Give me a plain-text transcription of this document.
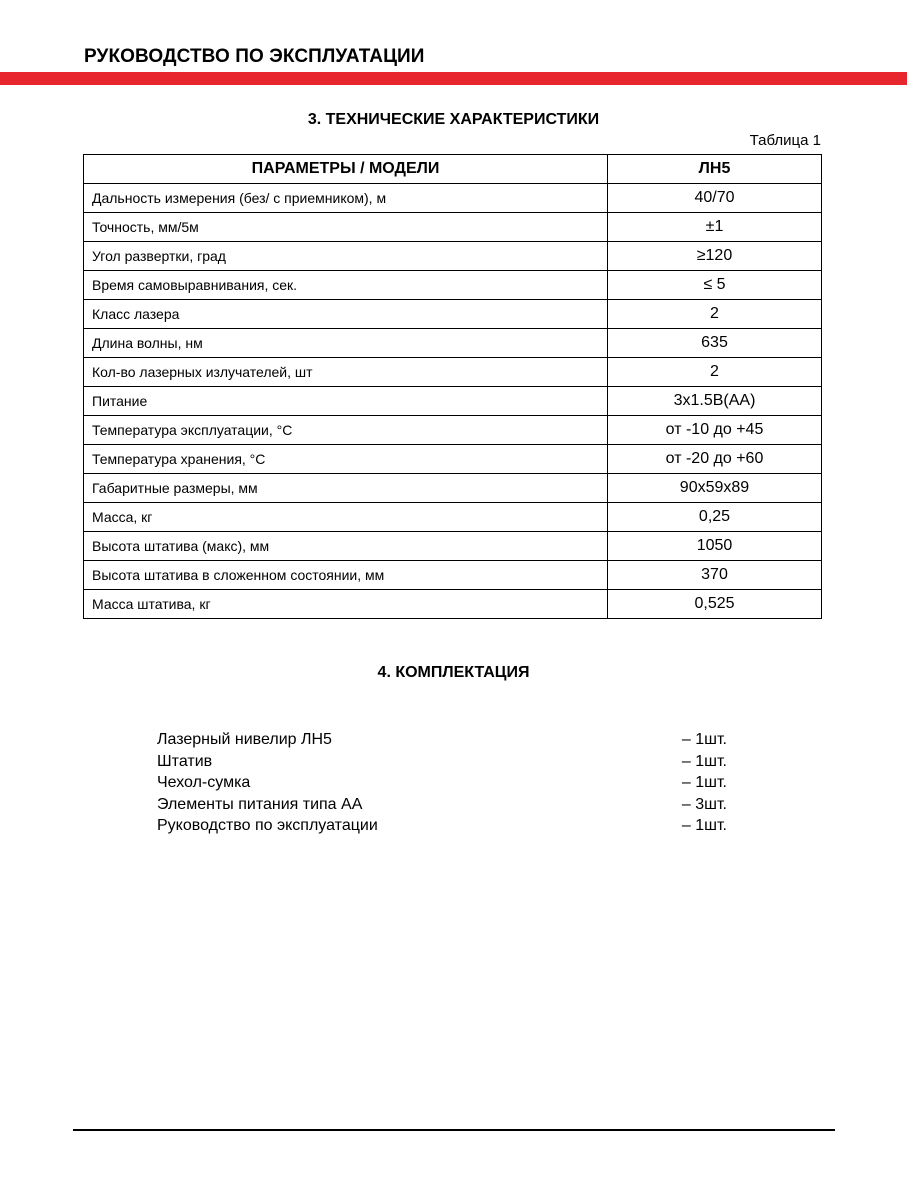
РУКОВОДСТВО ПО ЭКСПЛУАТАЦИИ
3. ТЕХНИЧЕСКИЕ ХАРАКТЕРИСТИКИ
Таблица 1
ПАРАМЕТРЫ / МОДЕЛИ	ЛН5
Дальность измерения (без/ с приемником), м	40/70
Точность, мм/5м	±1
Угол развертки, град	≥120
Время самовыравнивания, сек.	≤ 5
Класс лазера	2
Длина волны, нм	635
Кол-во лазерных излучателей, шт	2
Питание	3x1.5В(АА)
Температура эксплуатации, °С	от -10 до +45
Температура хранения, °С	от -20 до +60
Габаритные размеры, мм	90x59x89
Масса, кг	0,25
Высота штатива (макс), мм	1050
Высота штатива в сложенном состоянии, мм	370
Масса штатива, кг	0,525
4. КОМПЛЕКТАЦИЯ
Лазерный нивелир ЛН5	– 1шт.
Штатив	– 1шт.
Чехол-сумка	– 1шт.
Элементы питания типа АА	– 3шт.
Руководство по эксплуатации	– 1шт.
